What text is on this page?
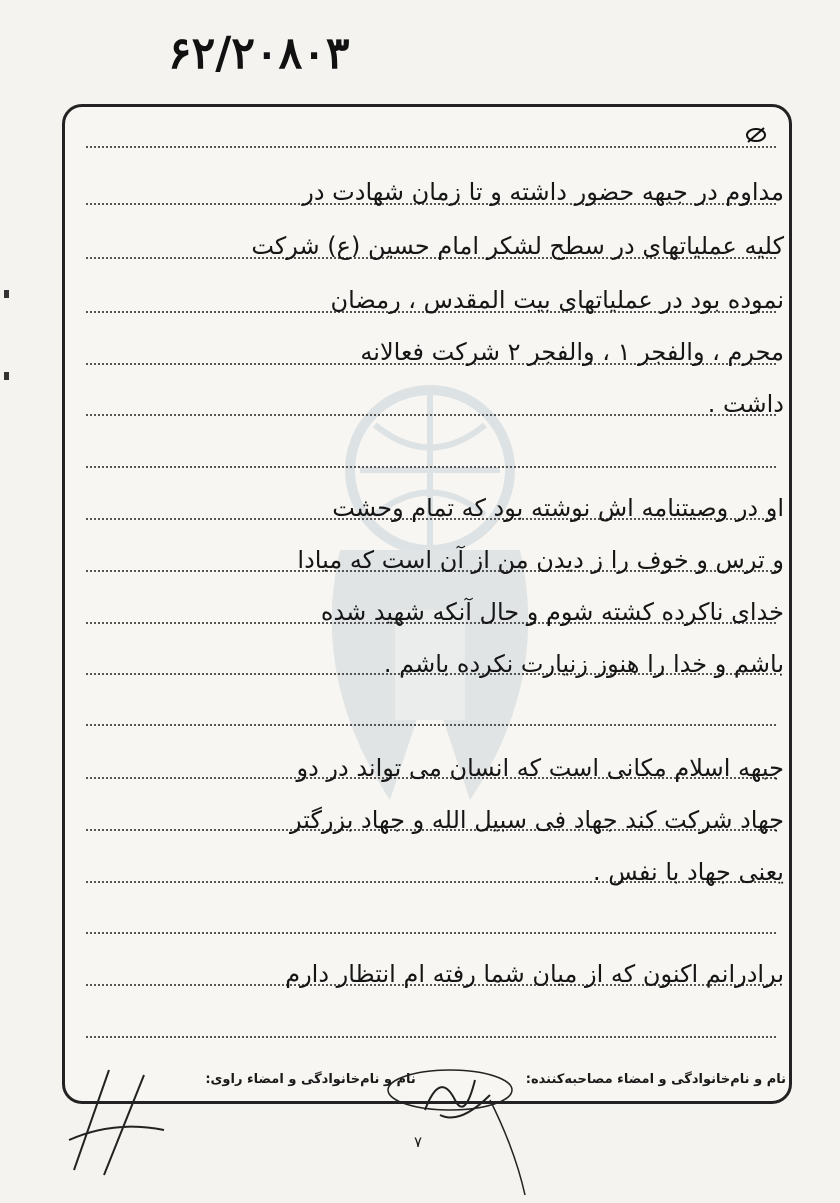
۶۲/۲۰۸۰۳
مداوم در جبهه حضور داشته و تا زمان شهادت در
کلیه عملیاتهای در سطح لشکر امام حسین (ع) شرکت
نموده بود در عملیاتهای بیت المقدس ، رمضان
محرم ، والفجر ۱ ، والفجر ۲ شرکت فعالانه
داشت .
او در وصیتنامه اش نوشته بود که تمام وحشت
و ترس و خوف را ز دیدن من از آن است که مبادا
خدای ناکرده کشته شوم و حال آنکه شهید شده
باشم و خدا را هنوز زنیارت نکرده باشم .
جبهه اسلام مکانی است که انسان می تواند در دو
جهاد شرکت کند جهاد فی سبیل الله و جهاد بزرگتر
یعنی جهاد با نفس .
برادرانم اکنون که از میان شما رفته ام انتظار دارم
نام و نام‌خانوادگی و امضاء مصاحبه‌کننده:نام و نام‌خانوادگی و امضاء راوی:
۷
